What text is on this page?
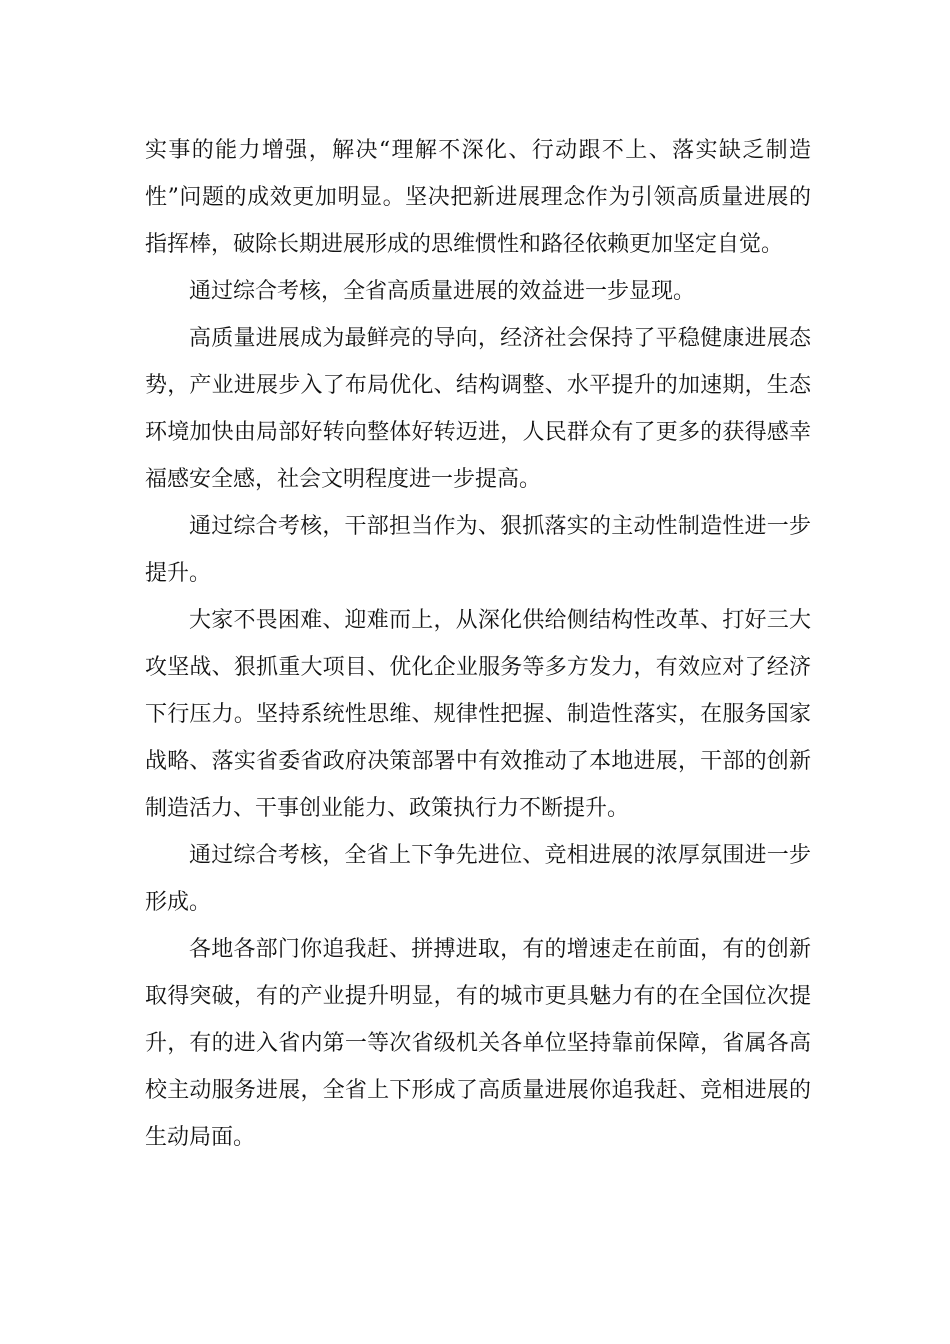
实事的能力增强，解决“理解不深化、行动跟不上、落实缺乏制造性”问题的成效更加明显。坚决把新进展理念作为引领高质量进展的指挥棒，破除长期进展形成的思维惯性和路径依赖更加坚定自觉。

通过综合考核，全省高质量进展的效益进一步显现。

高质量进展成为最鲜亮的导向，经济社会保持了平稳健康进展态势，产业进展步入了布局优化、结构调整、水平提升的加速期，生态环境加快由局部好转向整体好转迈进，人民群众有了更多的获得感幸福感安全感，社会文明程度进一步提高。

通过综合考核，干部担当作为、狠抓落实的主动性制造性进一步提升。

大家不畏困难、迎难而上，从深化供给侧结构性改革、打好三大攻坚战、狠抓重大项目、优化企业服务等多方发力，有效应对了经济下行压力。坚持系统性思维、规律性把握、制造性落实，在服务国家战略、落实省委省政府决策部署中有效推动了本地进展，干部的创新制造活力、干事创业能力、政策执行力不断提升。

通过综合考核，全省上下争先进位、竞相进展的浓厚氛围进一步形成。

各地各部门你追我赶、拼搏进取，有的增速走在前面，有的创新取得突破，有的产业提升明显，有的城市更具魅力有的在全国位次提升，有的进入省内第一等次省级机关各单位坚持靠前保障，省属各高校主动服务进展，全省上下形成了高质量进展你追我赶、竞相进展的生动局面。
